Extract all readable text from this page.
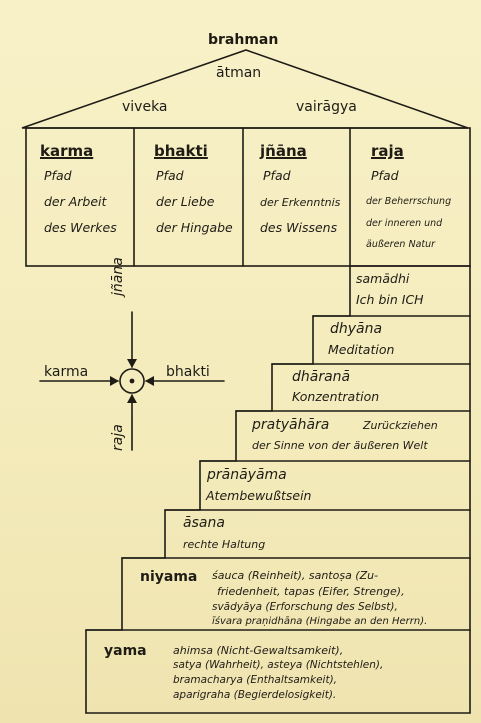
brahman
ātman
viveka	vairāgya
karma
Pfad
der Arbeit
des Werkes
bhakti
Pfad
der Liebe
der Hingabe
jñāna
Pfad
der Erkenntnis
des Wissens
raja
Pfad
der Beherrschung
der inneren und
äußeren Natur
jñāna
karma	bhakti
raja
samādhi
Ich bin ICH
dhyāna
Meditation
dhāranā
Konzentration
pratyāhāra	Zurückziehen
der Sinne von der äußeren Welt
prānāyāma
Atembewußtsein
āsana
rechte Haltung
niyama śauca (Reinheit), santoṣa (Zu-
friedenheit, tapas (Eifer, Strenge),
svādyāya (Erforschung des Selbst),
īśvara praṇidhāna (Hingabe an den Herrn).
yama ahimsa (Nicht-Gewaltsamkeit),
satya (Wahrheit), asteya (Nichtstehlen),
bramacharya (Enthaltsamkeit),
aparigraha (Begierdelosigkeit).
